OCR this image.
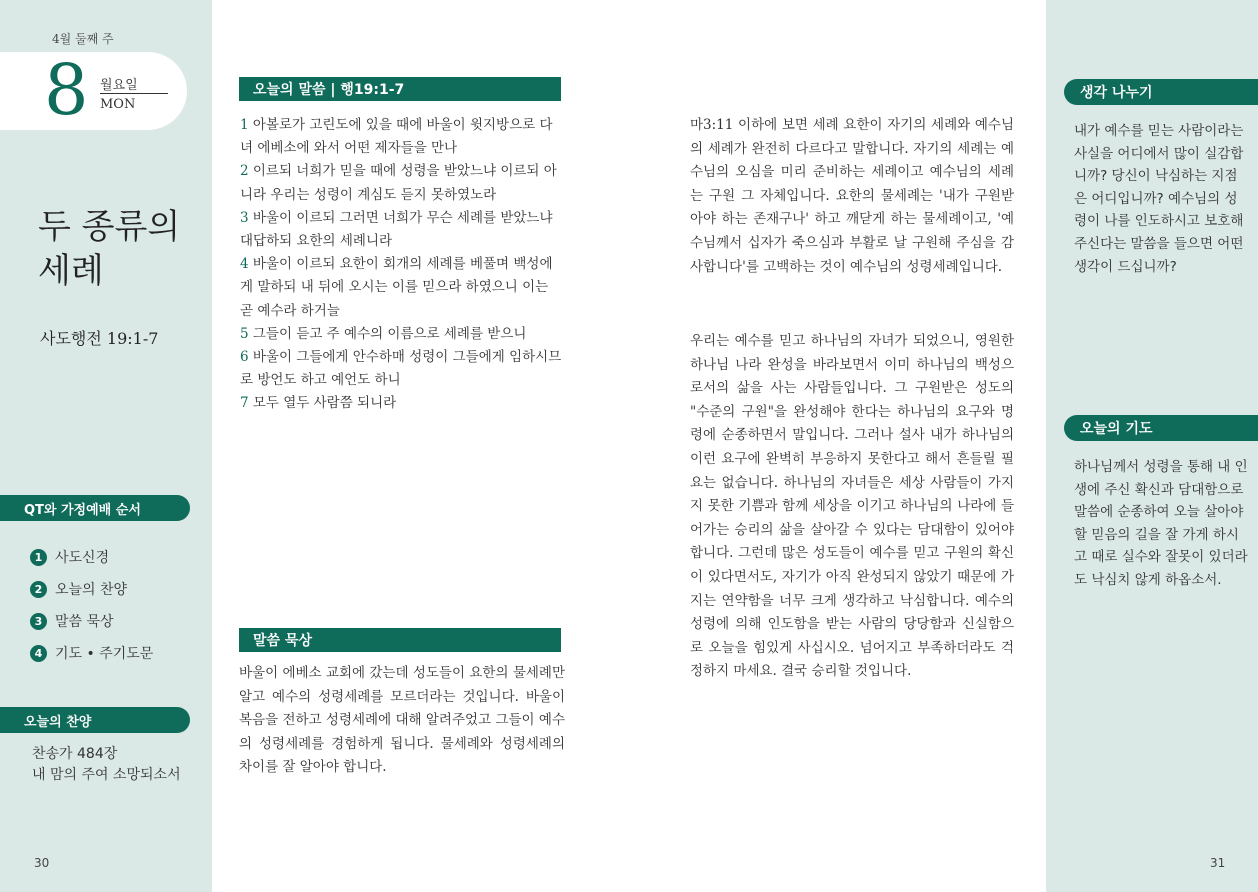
4월 둘째 주
8 월요일
MON
두 종류의
세례
사도행전 19:1-7
QT와 가정예배 순서
1 사도신경
2 오늘의 찬양
3 말씀 묵상
4 기도 • 주기도문
오늘의 찬양
찬송가 484장
내 맘의 주여 소망되소서
30
오늘의 말씀 | 행19:1-7
1 아볼로가 고린도에 있을 때에 바울이 윗지방으로 다녀 에베소에 와서 어떤 제자들을 만나
2 이르되 너희가 믿을 때에 성령을 받았느냐 이르되 아니라 우리는 성령이 계심도 듣지 못하였노라
3 바울이 이르되 그러면 너희가 무슨 세례를 받았느냐 대답하되 요한의 세례니라
4 바울이 이르되 요한이 회개의 세례를 베풀며 백성에게 말하되 내 뒤에 오시는 이를 믿으라 하였으니 이는 곧 예수라 하거늘
5 그들이 듣고 주 예수의 이름으로 세례를 받으니
6 바울이 그들에게 안수하매 성령이 그들에게 임하시므로 방언도 하고 예언도 하니
7 모두 열두 사람쯤 되니라
말씀 묵상
바울이 에베소 교회에 갔는데 성도들이 요한의 물세례만 알고 예수의 성령세례를 모르더라는 것입니다. 바울이 복음을 전하고 성령세례에 대해 알려주었고 그들이 예수의 성령세례를 경험하게 됩니다. 물세례와 성령세례의 차이를 잘 알아야 합니다.
마3:11 이하에 보면 세례 요한이 자기의 세례와 예수님의 세례가 완전히 다르다고 말합니다. 자기의 세례는 예수님의 오심을 미리 준비하는 세례이고 예수님의 세례는 구원 그 자체입니다. 요한의 물세례는 '내가 구원받아야 하는 존재구나' 하고 깨닫게 하는 물세례이고, '예수님께서 십자가 죽으심과 부활로 날 구원해 주심을 감사합니다'를 고백하는 것이 예수님의 성령세례입니다.
우리는 예수를 믿고 하나님의 자녀가 되었으니, 영원한 하나님 나라 완성을 바라보면서 이미 하나님의 백성으로서의 삶을 사는 사람들입니다. 그 구원받은 성도의 "수준의 구원"을 완성해야 한다는 하나님의 요구와 명령에 순종하면서 말입니다. 그러나 설사 내가 하나님의 이런 요구에 완벽히 부응하지 못한다고 해서 흔들릴 필요는 없습니다. 하나님의 자녀들은 세상 사람들이 가지지 못한 기쁨과 함께 세상을 이기고 하나님의 나라에 들어가는 승리의 삶을 살아갈 수 있다는 담대함이 있어야 합니다. 그런데 많은 성도들이 예수를 믿고 구원의 확신이 있다면서도, 자기가 아직 완성되지 않았기 때문에 가지는 연약함을 너무 크게 생각하고 낙심합니다. 예수의 성령에 의해 인도함을 받는 사람의 당당함과 신실함으로 오늘을 힘있게 사십시오. 넘어지고 부족하더라도 걱정하지 마세요. 결국 승리할 것입니다.
생각 나누기
내가 예수를 믿는 사람이라는 사실을 어디에서 많이 실감합니까? 당신이 낙심하는 지점은 어디입니까? 예수님의 성령이 나를 인도하시고 보호해주신다는 말씀을 들으면 어떤 생각이 드십니까?
오늘의 기도
하나님께서 성령을 통해 내 인생에 주신 확신과 담대함으로 말씀에 순종하여 오늘 살아야 할 믿음의 길을 잘 가게 하시고 때로 실수와 잘못이 있더라도 낙심치 않게 하옵소서.
31
